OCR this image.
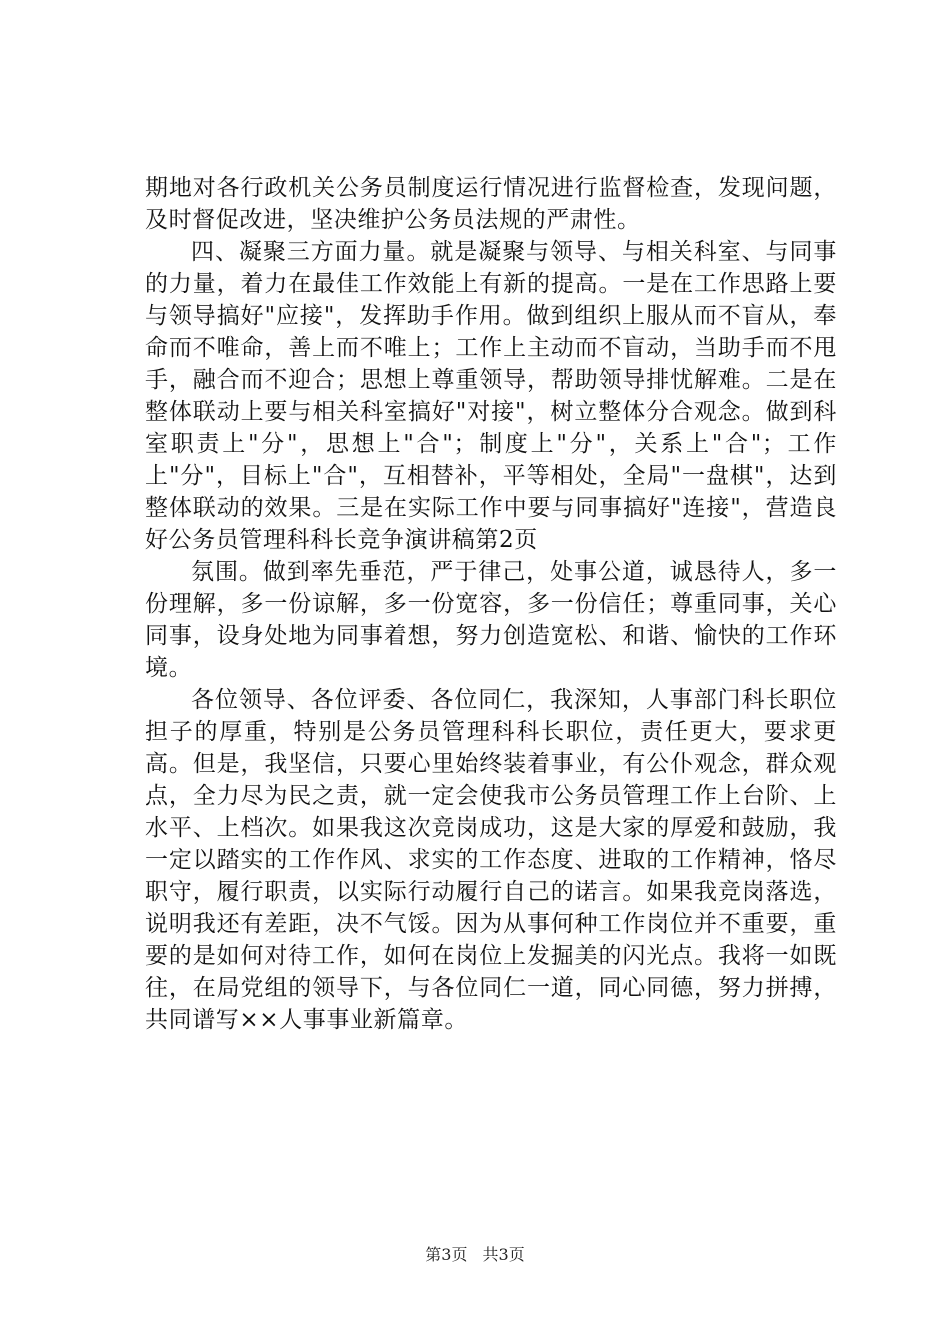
期地对各行政机关公务员制度运行情况进行监督检查，发现问题，及时督促改进，坚决维护公务员法规的严肃性。

四、凝聚三方面力量。就是凝聚与领导、与相关科室、与同事的力量，着力在最佳工作效能上有新的提高。一是在工作思路上要与领导搞好"应接"，发挥助手作用。做到组织上服从而不盲从，奉命而不唯命，善上而不唯上；工作上主动而不盲动，当助手而不甩手，融合而不迎合；思想上尊重领导，帮助领导排忧解难。二是在整体联动上要与相关科室搞好"对接"，树立整体分合观念。做到科室职责上"分"，思想上"合"；制度上"分"，关系上"合"；工作上"分"，目标上"合"，互相替补，平等相处，全局"一盘棋"，达到整体联动的效果。三是在实际工作中要与同事搞好"连接"，营造良好公务员管理科科长竞争演讲稿第2页

氛围。做到率先垂范，严于律己，处事公道，诚恳待人，多一份理解，多一份谅解，多一份宽容，多一份信任；尊重同事，关心同事，设身处地为同事着想，努力创造宽松、和谐、愉快的工作环境。

各位领导、各位评委、各位同仁，我深知，人事部门科长职位担子的厚重，特别是公务员管理科科长职位，责任更大，要求更高。但是，我坚信，只要心里始终装着事业，有公仆观念，群众观点，全力尽为民之责，就一定会使我市公务员管理工作上台阶、上水平、上档次。如果我这次竞岗成功，这是大家的厚爱和鼓励，我一定以踏实的工作作风、求实的工作态度、进取的工作精神，恪尽职守，履行职责，以实际行动履行自己的诺言。如果我竞岗落选，说明我还有差距，决不气馁。因为从事何种工作岗位并不重要，重要的是如何对待工作，如何在岗位上发掘美的闪光点。我将一如既往，在局党组的领导下，与各位同仁一道，同心同德，努力拼搏，共同谱写××人事事业新篇章。

第3页 共3页
